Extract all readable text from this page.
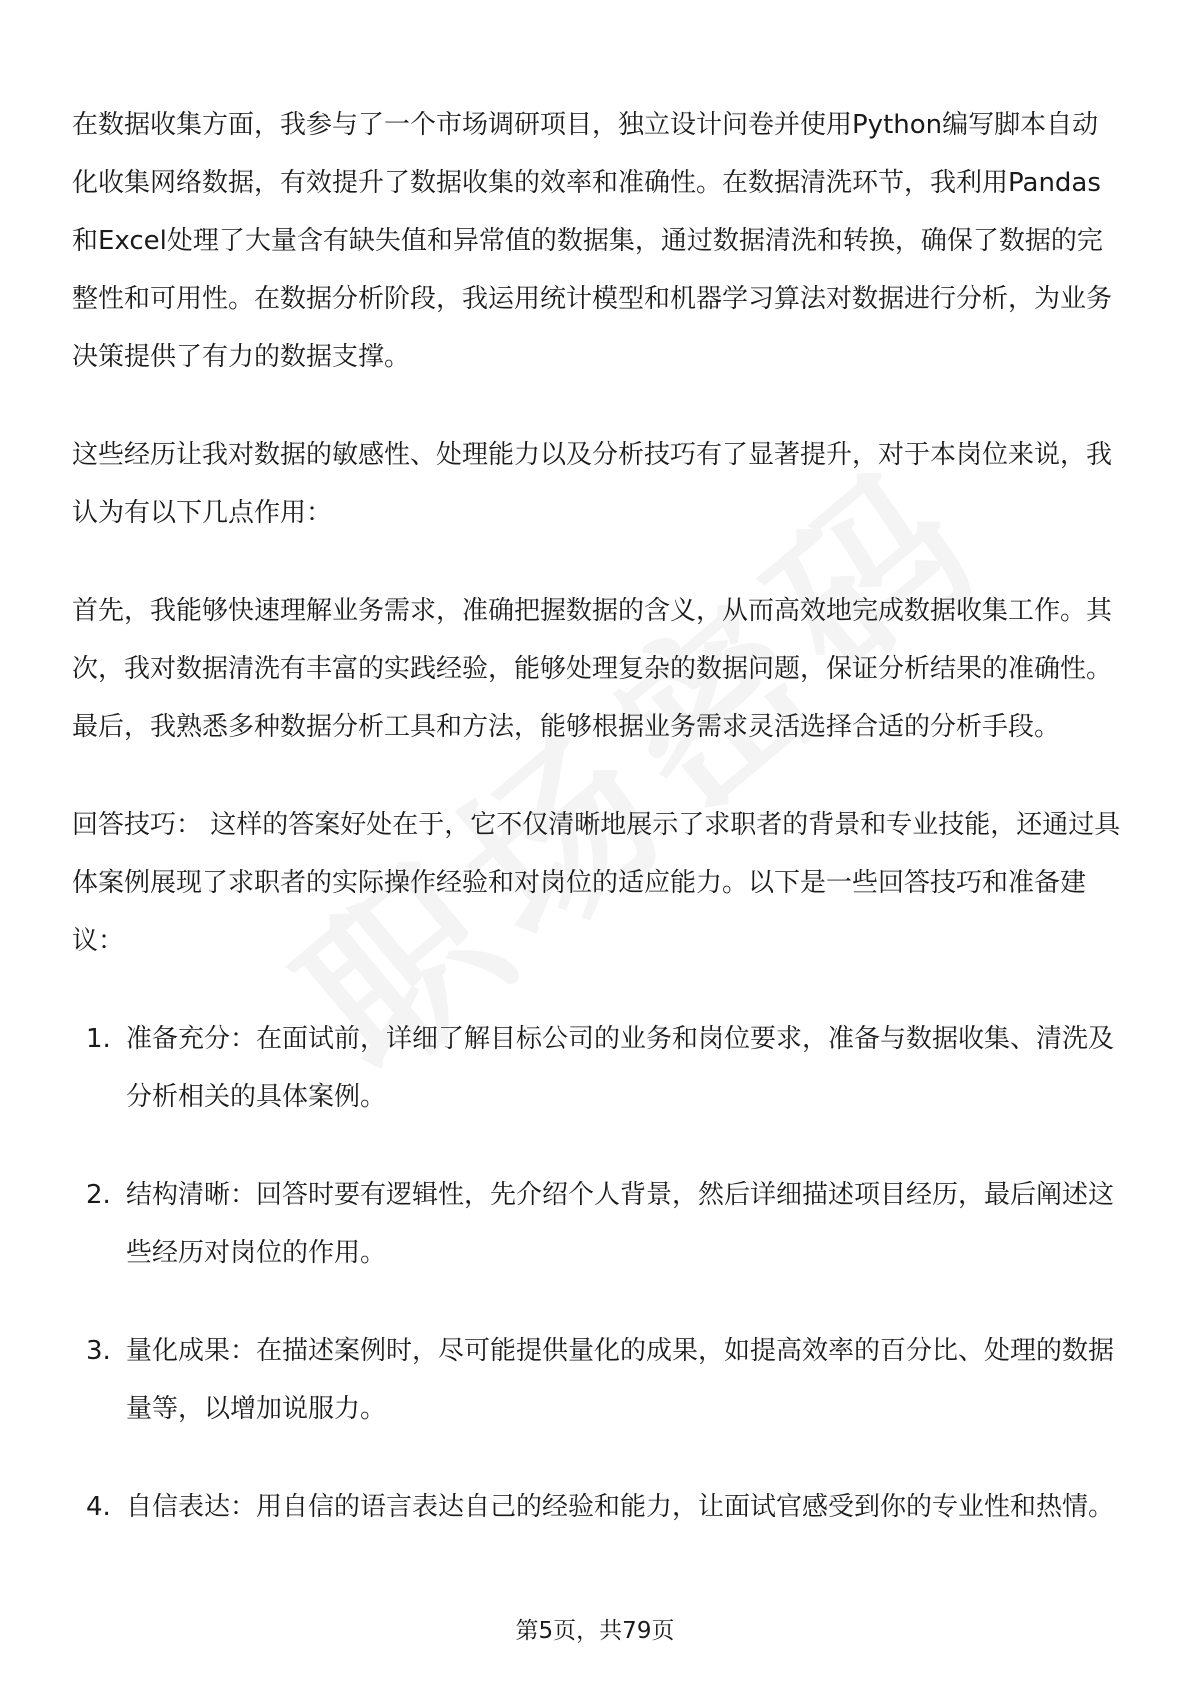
在数据收集方面，我参与了一个市场调研项目，独立设计问卷并使用Python编写脚本自动化收集网络数据，有效提升了数据收集的效率和准确性。在数据清洗环节，我利用Pandas和Excel处理了大量含有缺失值和异常值的数据集，通过数据清洗和转换，确保了数据的完整性和可用性。在数据分析阶段，我运用统计模型和机器学习算法对数据进行分析，为业务决策提供了有力的数据支撑。

这些经历让我对数据的敏感性、处理能力以及分析技巧有了显著提升，对于本岗位来说，我认为有以下几点作用：

首先，我能够快速理解业务需求，准确把握数据的含义，从而高效地完成数据收集工作。其次，我对数据清洗有丰富的实践经验，能够处理复杂的数据问题，保证分析结果的准确性。最后，我熟悉多种数据分析工具和方法，能够根据业务需求灵活选择合适的分析手段。

回答技巧： 这样的答案好处在于，它不仅清晰地展示了求职者的背景和专业技能，还通过具体案例展现了求职者的实际操作经验和对岗位的适应能力。以下是一些回答技巧和准备建议：

1. 准备充分：在面试前，详细了解目标公司的业务和岗位要求，准备与数据收集、清洗及分析相关的具体案例。
2. 结构清晰：回答时要有逻辑性，先介绍个人背景，然后详细描述项目经历，最后阐述这些经历对岗位的作用。
3. 量化成果：在描述案例时，尽可能提供量化的成果，如提高效率的百分比、处理的数据量等，以增加说服力。
4. 自信表达：用自信的语言表达自己的经验和能力，让面试官感受到你的专业性和热情。
第5页，共79页
